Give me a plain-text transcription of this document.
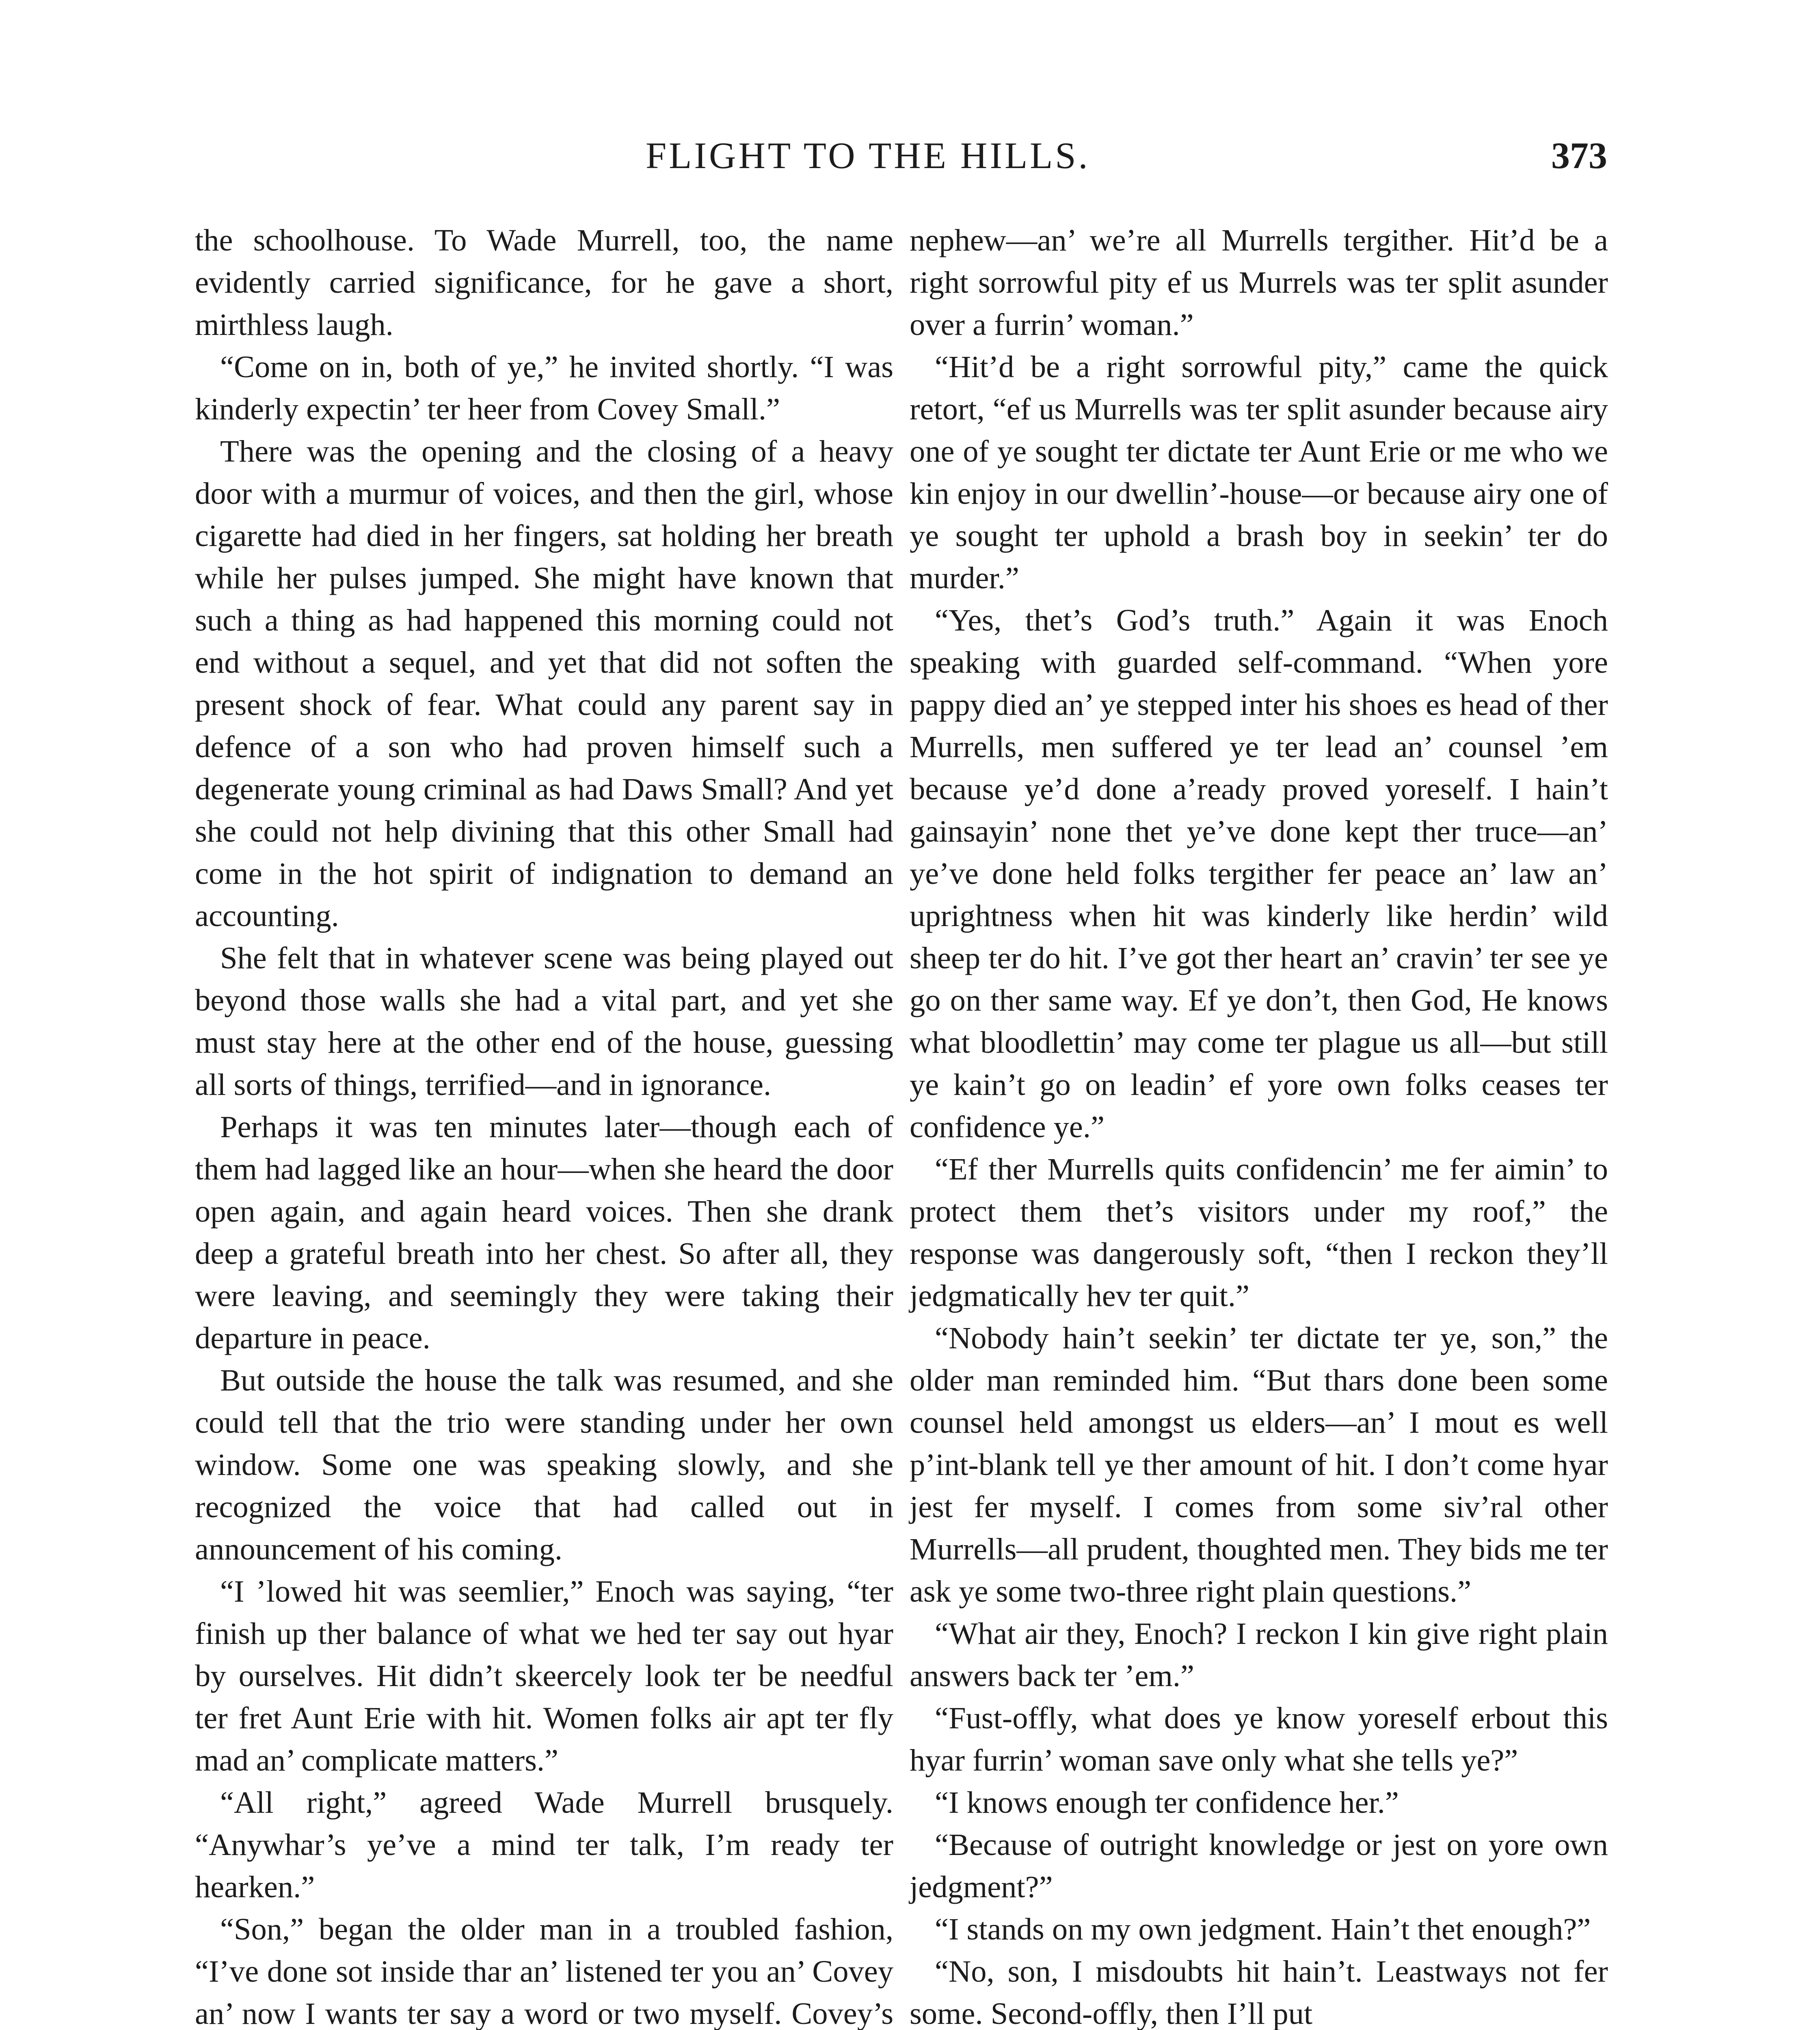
FLIGHT TO THE HILLS.	373

the schoolhouse. To Wade Murrell, too, the name evidently carried significance, for he gave a short, mirthless laugh.

“Come on in, both of ye,” he invited shortly. “I was kinderly expectin’ ter heer from Covey Small.”

There was the opening and the closing of a heavy door with a murmur of voices, and then the girl, whose cigarette had died in her fingers, sat holding her breath while her pulses jumped. She might have known that such a thing as had happened this morning could not end without a sequel, and yet that did not soften the present shock of fear. What could any parent say in defence of a son who had proven himself such a degenerate young criminal as had Daws Small? And yet she could not help divining that this other Small had come in the hot spirit of indignation to demand an accounting.

She felt that in whatever scene was being played out beyond those walls she had a vital part, and yet she must stay here at the other end of the house, guessing all sorts of things, terrified—and in ignorance.

Perhaps it was ten minutes later—though each of them had lagged like an hour—when she heard the door open again, and again heard voices. Then she drank deep a grateful breath into her chest. So after all, they were leaving, and seemingly they were taking their departure in peace.

But outside the house the talk was resumed, and she could tell that the trio were standing under her own window. Some one was speaking slowly, and she recognized the voice that had called out in announcement of his coming.

“I ’lowed hit was seemlier,” Enoch was saying, “ter finish up ther balance of what we hed ter say out hyar by ourselves. Hit didn’t skeercely look ter be needful ter fret Aunt Erie with hit. Women folks air apt ter fly mad an’ complicate matters.”

“All right,” agreed Wade Murrell brusquely. “Anywhar’s ye’ve a mind ter talk, I’m ready ter hearken.”

“Son,” began the older man in a troubled fashion, “I’ve done sot inside thar an’ listened ter you an’ Covey an’ now I wants ter say a word or two myself. Covey’s

nephew—an’ we’re all Murrells tergither. Hit’d be a right sorrowful pity ef us Murrels was ter split asunder over a furrin’ woman.”

“Hit’d be a right sorrowful pity,” came the quick retort, “ef us Murrells was ter split asunder because airy one of ye sought ter dictate ter Aunt Erie or me who we kin enjoy in our dwellin’-house—or because airy one of ye sought ter uphold a brash boy in seekin’ ter do murder.”

“Yes, thet’s God’s truth.” Again it was Enoch speaking with guarded self-command. “When yore pappy died an’ ye stepped inter his shoes es head of ther Murrells, men suffered ye ter lead an’ counsel ’em because ye’d done a’ready proved yoreself. I hain’t gainsayin’ none thet ye’ve done kept ther truce—an’ ye’ve done held folks tergither fer peace an’ law an’ uprightness when hit was kinderly like herdin’ wild sheep ter do hit. I’ve got ther heart an’ cravin’ ter see ye go on ther same way. Ef ye don’t, then God, He knows what bloodlettin’ may come ter plague us all—but still ye kain’t go on leadin’ ef yore own folks ceases ter confidence ye.”

“Ef ther Murrells quits confidencin’ me fer aimin’ to protect them thet’s visitors under my roof,” the response was dangerously soft, “then I reckon they’ll jedgmatically hev ter quit.”

“Nobody hain’t seekin’ ter dictate ter ye, son,” the older man reminded him. “But thars done been some counsel held amongst us elders—an’ I mout es well p’int-blank tell ye ther amount of hit. I don’t come hyar jest fer myself. I comes from some siv’ral other Murrells—all prudent, thoughted men. They bids me ter ask ye some two-three right plain questions.”

“What air they, Enoch? I reckon I kin give right plain answers back ter ’em.”

“Fust-offly, what does ye know yoreself erbout this hyar furrin’ woman save only what she tells ye?”

“I knows enough ter confidence her.”

“Because of outright knowledge or jest on yore own jedgment?”

“I stands on my own jedgment. Hain’t thet enough?”

“No, son, I misdoubts hit hain’t. Leastways not fer some. Second-offly, then I’ll put
